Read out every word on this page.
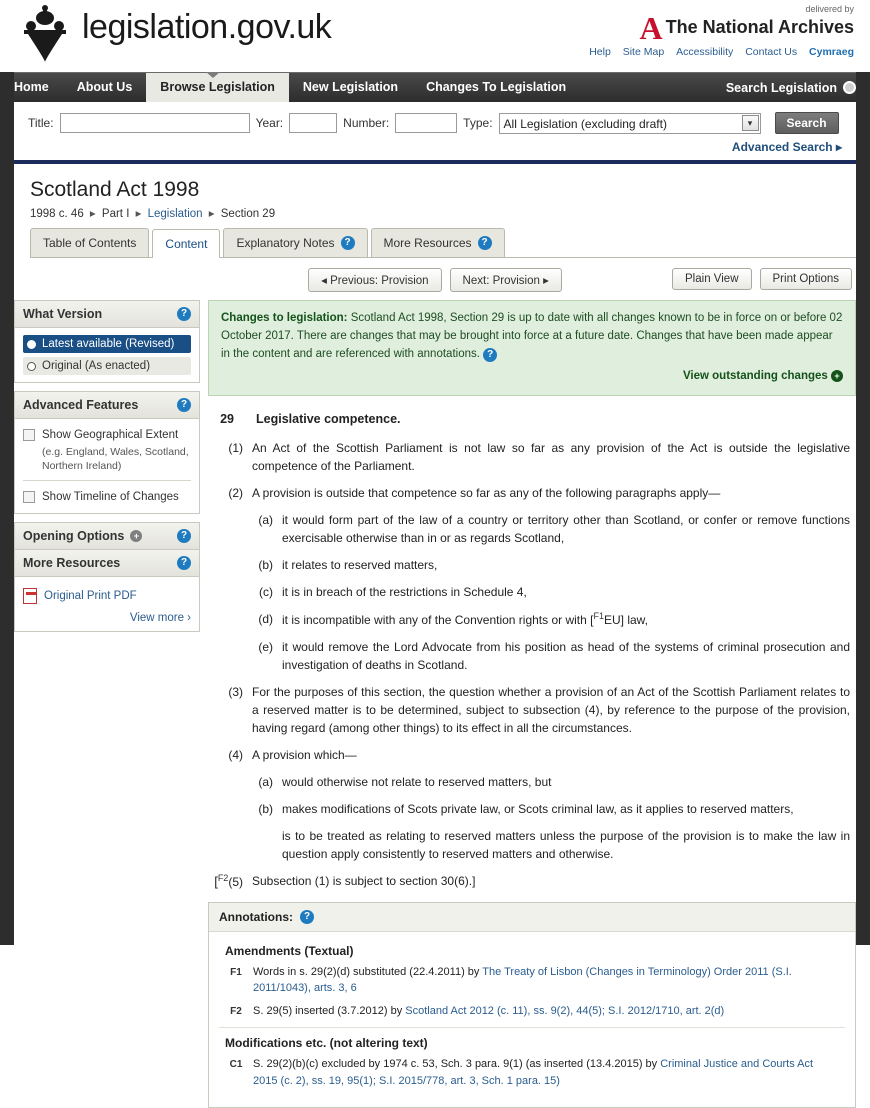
legislation.gov.uk	delivered by
A The National Archives
Help Site Map Accessibility Contact Us Cymraeg
Home	About Us	Browse Legislation	New Legislation	Changes To Legislation	Search Legislation
Title:	Year:	Number:	Type: All Legislation (excluding draft)	▾	Search
Advanced Search ▸
Scotland Act 1998
1998 c. 46 ▸ Part I ▸ Legislation ▸ Section 29
Table of Contents Content Explanatory Notes ?	More Resources ?
◂ Previous: Provision	Next: Provision ▸	Plain View	Print Options
What Version	?
Latest available (Revised)
Original (As enacted)
Advanced Features	?
Show Geographical Extent
(e.g. England, Wales, Scotland, Northern Ireland)
Show Timeline of Changes
Opening Options	+	?
More Resources	?
Original Print PDF
View more ›
Changes to legislation: Scotland Act 1998, Section 29 is up to date with all changes known to be in force on or before 02 October 2017. There are changes that may be brought into force at a future date. Changes that have been made appear in the content and are referenced with annotations. ?
View outstanding changes +
29 Legislative competence.
(1) An Act of the Scottish Parliament is not law so far as any provision of the Act is outside the legislative competence of the Parliament.
(2) A provision is outside that competence so far as any of the following paragraphs apply—
(a) it would form part of the law of a country or territory other than Scotland, or confer or remove functions exercisable otherwise than in or as regards Scotland,
(b) it relates to reserved matters,
(c) it is in breach of the restrictions in Schedule 4,
(d) it is incompatible with any of the Convention rights or with [$^{F1}$EU] law,
(e) it would remove the Lord Advocate from his position as head of the systems of criminal prosecution and investigation of deaths in Scotland.
(3) For the purposes of this section, the question whether a provision of an Act of the Scottish Parliament relates to a reserved matter is to be determined, subject to subsection (4), by reference to the purpose of the provision, having regard (among other things) to its effect in all the circumstances.
(4) A provision which—
(a) would otherwise not relate to reserved matters, but
(b) makes modifications of Scots private law, or Scots criminal law, as it applies to reserved matters,
is to be treated as relating to reserved matters unless the purpose of the provision is to make the law in question apply consistently to reserved matters and otherwise.
[$^{F2}$(5) Subsection (1) is subject to section 30(6).]
Annotations:	?
Amendments (Textual)
F1	Words in s. 29(2)(d) substituted (22.4.2011) by The Treaty of Lisbon (Changes in Terminology) Order 2011 (S.I. 2011/1043), arts. 3, 6
F2	S. 29(5) inserted (3.7.2012) by Scotland Act 2012 (c. 11), ss. 9(2), 44(5); S.I. 2012/1710, art. 2(d)
Modifications etc. (not altering text)
C1 S. 29(2)(b)(c) excluded by 1974 c. 53, Sch. 3 para. 9(1) (as inserted (13.4.2015) by Criminal Justice and Courts Act 2015 (c. 2), ss. 19, 95(1); S.I. 2015/778, art. 3, Sch. 1 para. 15)
